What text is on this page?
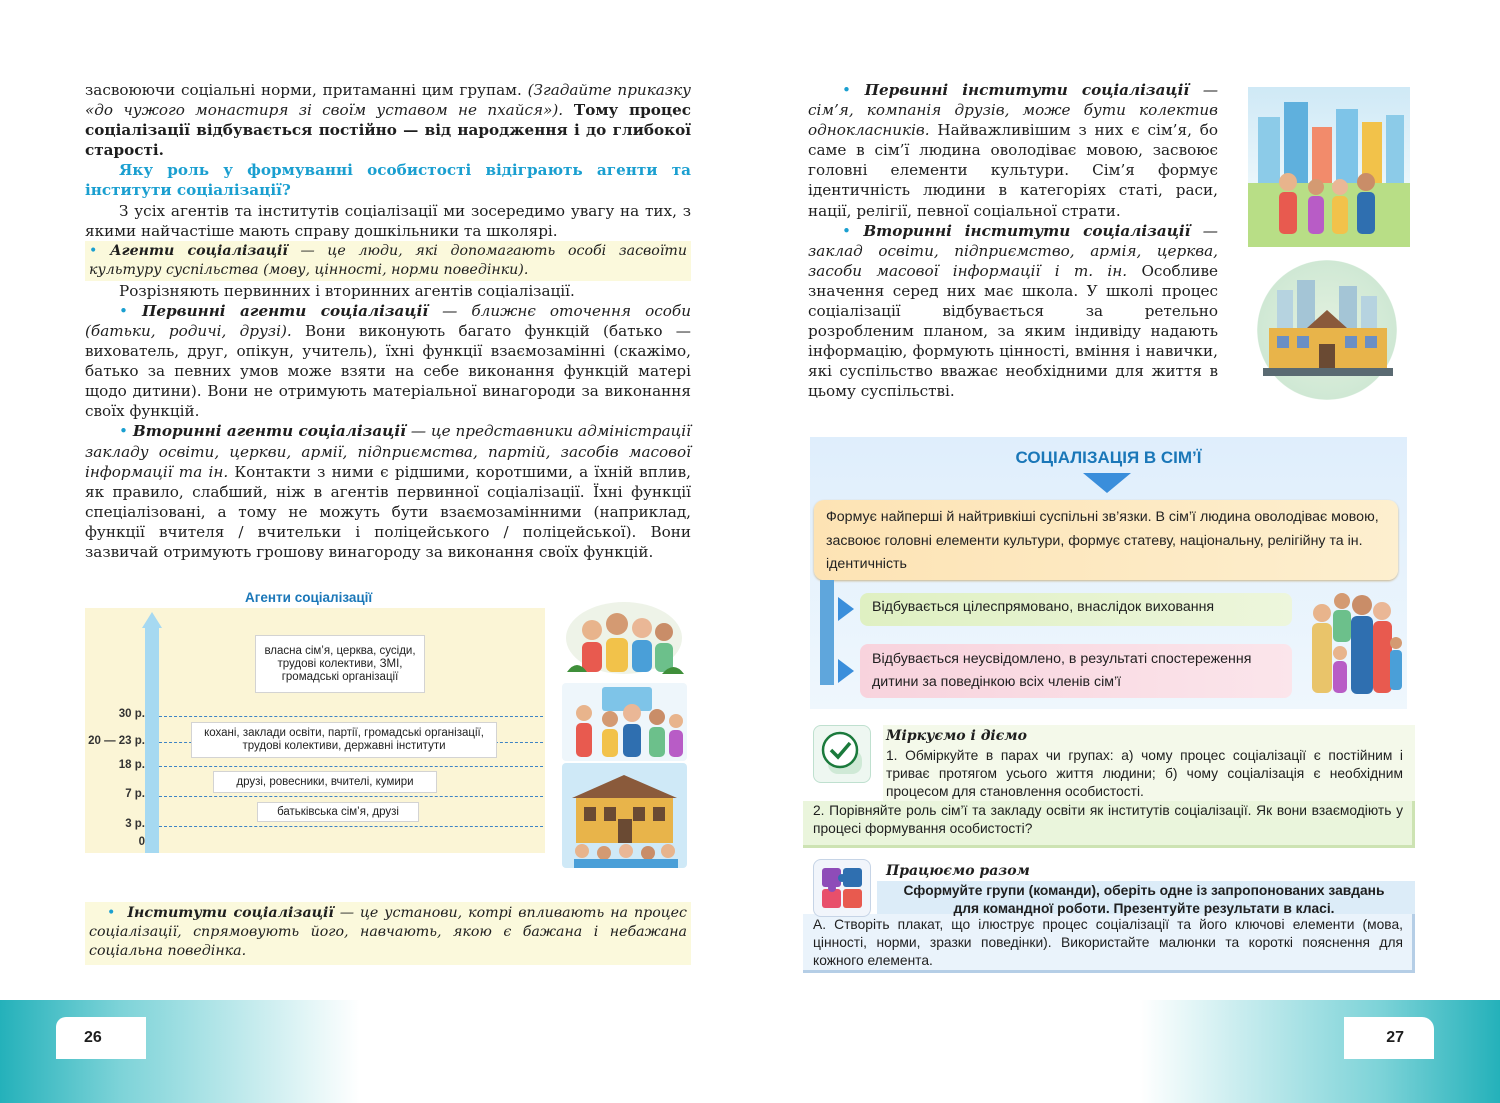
засвоюючи соціальні норми, притаманні цим групам. (Згадайте приказку «до чужого монастиря зі своїм уставом не пхайся»). Тому процес соціалізації відбувається постійно — від народження і до глибокої старості.

Яку роль у формуванні особистості відіграють агенти та інститути соціалізації?

З усіх агентів та інститутів соціалізації ми зосередимо увагу на тих, з якими найчастіше мають справу дошкільники та школярі.

• Агенти соціалізації — це люди, які допомагають особі засвоїти культуру суспільства (мову, цінності, норми поведінки).

Розрізняють первинних і вторинних агентів соціалізації.

• Первинні агенти соціалізації — ближнє оточення особи (батьки, родичі, друзі). Вони виконують багато функцій (батько — вихователь, друг, опікун, учитель), їхні функції взаємозамінні (скажімо, батько за певних умов може взяти на себе виконання функцій матері щодо дитини). Вони не отримують матеріальної винагороди за виконання своїх функцій.

• Вторинні агенти соціалізації — це представники адміністрації закладу освіти, церкви, армії, підприємства, партій, засобів масової інформації та ін. Контакти з ними є рідшими, коротшими, а їхній вплив, як правило, слабший, ніж в агентів первинної соціалізації. Їхні функції спеціалізовані, а тому не можуть бути взаємозамінними (наприклад, функції вчителя / вчительки і поліцейського / поліцейської). Вони зазвичай отримують грошову винагороду за виконання своїх функцій.

Агенти соціалізації
30 р.
20 — 23 р.
18 р.
7 р.
3 р.
0
власна сім’я, церква, сусіди, трудові колективи, ЗМІ, громадські організації
кохані, заклади освіти, партії, громадські організації, трудові колективи, державні інститути
друзі, ровесники, вчителі, кумири
батьківська сім’я, друзі
•  Інститути соціалізації — це установи, котрі впливають на процес соціалізації, спрямовують його, навчають, якою є бажана і небажана соціальна поведінка.

• Первинні інститути соціалізації — сім’я, компанія друзів, може бути колектив однокласників. Найважливішим з них є сім’я, бо саме в сім’ї людина оволодіває мовою, засвоює головні елементи культури. Сім’я формує ідентичність людини в категоріях статі, раси, нації, релігії, певної соціальної страти.

• Вторинні інститути соціалізації — заклад освіти, підприємство, армія, церква, засоби масової інформації і т. ін. Особливе значення серед них має школа. У школі процес соціалізації відбувається за ретельно розробленим планом, за яким індивіду надають інформацію, формують цінності, вміння і навички, які суспільство вважає необхідними для життя в цьому суспільстві.

СОЦІАЛІЗАЦІЯ В СІМ’Ї
Формує найперші й найтривкіші суспільні зв’язки. В сім’ї людина оволодіває мовою, засвоює головні елементи культури, формує статеву, національну, релігійну та ін. ідентичність
Відбувається цілеспрямовано, внаслідок виховання
Відбувається неусвідомлено, в результаті спостереження дитини за поведінкою всіх членів сім’ї
Міркуємо і діємо
1. Обміркуйте в парах чи групах: а) чому процес соціалізації є постійним і триває протягом усього життя людини; б) чому соціалізація є необхідним процесом для становлення особистості.
2. Порівняйте роль сім’ї та закладу освіти як інститутів соціалізації. Як вони взаємодіють у процесі формування особистості?
Працюємо разом
Сформуйте групи (команди), оберіть одне із запропонованих завдань для командної роботи. Презентуйте результати в класі.
А. Створіть плакат, що ілюструє процес соціалізації та його ключові елементи (мова, цінності, норми, зразки поведінки). Використайте малюнки та короткі пояснення для кожного елемента.
26	27
